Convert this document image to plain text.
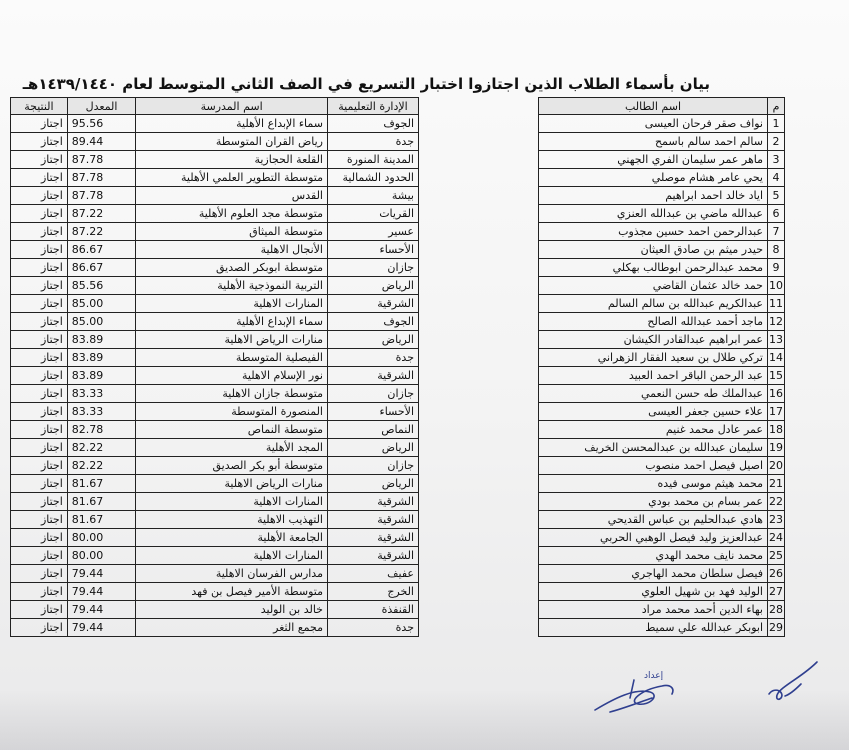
بيان بأسماء الطلاب الذين اجتازوا اختبار التسريع في الصف الثاني المتوسط لعام ١٤٣٩/١٤٤٠هـ
م	اسم الطالب
1	نواف صقر فرحان العيسى
2	سالم احمد سالم باسمح
3	ماهر عمر سليمان الفري الجهني
4	يحي عامر هشام موصلي
5	اياد خالد احمد ابراهيم
6	عبدالله ماضي بن عبدالله العنزي
7	عبدالرحمن احمد حسين مجذوب
8	حيدر ميثم بن صادق العيثان
9	محمد عبدالرحمن ابوطالب بهكلي
10	حمد خالد عثمان القاضي
11	عبدالكريم عبدالله بن سالم السالم
12	ماجد أحمد عبدالله الصالح
13	عمر ابراهيم عبدالقادر الكيشان
14	تركي طلال بن سعيد الفقار الزهراني
15	عبد الرحمن الباقر احمد العبيد
16	عبدالملك طه حسن النعمي
17	علاء حسين جعفر العيسى
18	عمر عادل محمد غنيم
19	سليمان عبدالله بن عبدالمحسن الخريف
20	اصيل فيصل احمد منصوب
21	محمد هيثم موسى فيده
22	عمر بسام بن محمد بودي
23	هادي عبدالحليم بن عباس القديحي
24	عبدالعزيز وليد فيصل الوهبي الحربي
25	محمد نايف محمد الهدي
26	فيصل سلطان محمد الهاجري
27	الوليد فهد بن شهيل العلوي
28	بهاء الدين أحمد محمد مراد
29	ابوبكر عبدالله علي سميط
الإدارة التعليمية	اسم المدرسة	المعدل	النتيجة
الجوف	سماء الإبداع الأهلية	95.56	اجتاز
جدة	رياض القران المتوسطة	89.44	اجتاز
المدينة المنورة	القلعة الحجازية	87.78	اجتاز
الحدود الشمالية	متوسطة التطوير العلمي الأهلية	87.78	اجتاز
بيشة	القدس	87.78	اجتاز
القريات	متوسطة مجد العلوم الأهلية	87.22	اجتاز
عسير	متوسطة الميثاق	87.22	اجتاز
الأحساء	الأنجال الاهلية	86.67	اجتاز
جازان	متوسطة ابوبكر الصديق	86.67	اجتاز
الرياض	التربية النموذجية الأهلية	85.56	اجتاز
الشرقية	المنارات الاهلية	85.00	اجتاز
الجوف	سماء الإبداع الأهلية	85.00	اجتاز
الرياض	منارات الرياض الاهلية	83.89	اجتاز
جدة	الفيصلية المتوسطة	83.89	اجتاز
الشرقية	نور الإسلام الاهلية	83.89	اجتاز
جازان	متوسطة جازان الاهلية	83.33	اجتاز
الأحساء	المنصورة المتوسطة	83.33	اجتاز
النماص	متوسطة النماص	82.78	اجتاز
الرياض	المجد الأهلية	82.22	اجتاز
جازان	متوسطة أبو بكر الصديق	82.22	اجتاز
الرياض	منارات الرياض الاهلية	81.67	اجتاز
الشرقية	المنارات الاهلية	81.67	اجتاز
الشرقية	التهذيب الاهلية	81.67	اجتاز
الشرقية	الجامعة الأهلية	80.00	اجتاز
الشرقية	المنارات الاهلية	80.00	اجتاز
عفيف	مدارس الفرسان الاهلية	79.44	اجتاز
الخرج	متوسطة الأمير فيصل بن فهد	79.44	اجتاز
القنفذة	خالد بن الوليد	79.44	اجتاز
جدة	مجمع الثغر	79.44	اجتاز
إعداد
